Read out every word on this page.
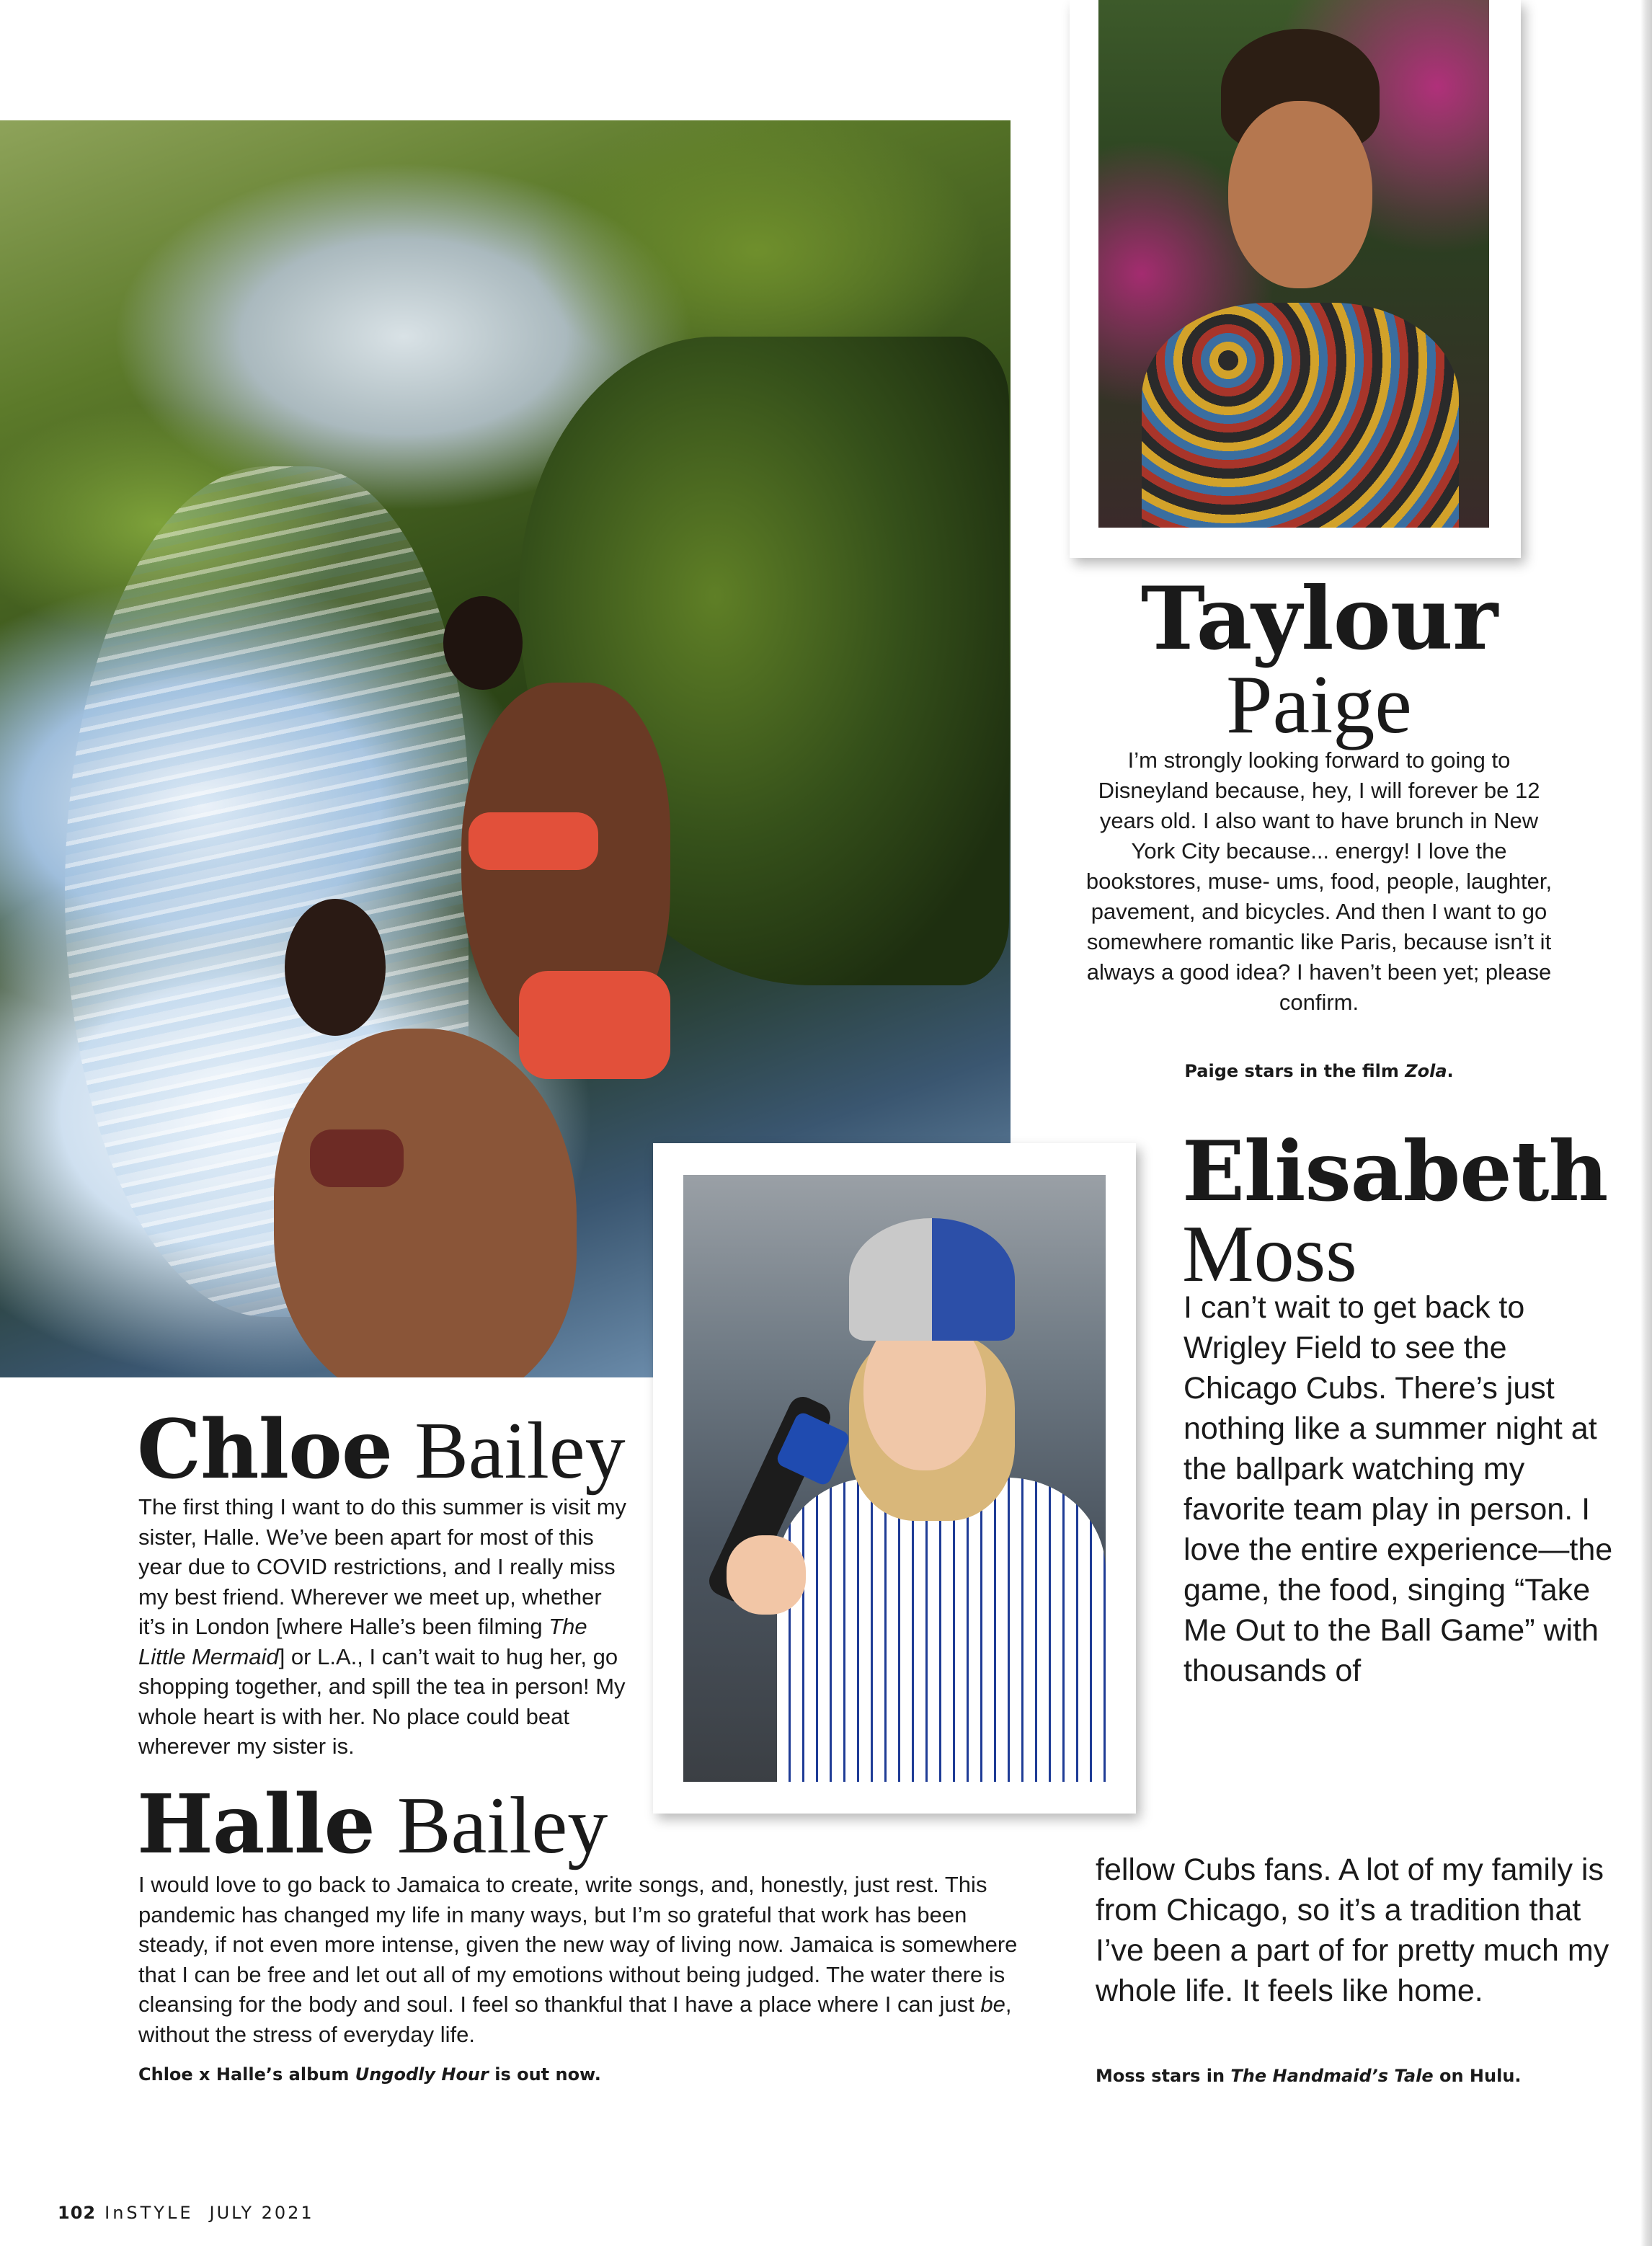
Taylour
Paige
I’m strongly looking forward to going to Disneyland because, hey, I will forever be 12 years old. I also want to have brunch in New York City because... energy! I love the bookstores, muse- ums, food, people, laughter, pavement, and bicycles. And then I want to go somewhere romantic like Paris, because isn’t it always a good idea? I haven’t been yet; please confirm.
Paige stars in the film Zola.
Elisabeth
Moss
I can’t wait to get back to Wrigley Field to see the Chicago Cubs. There’s just nothing like a summer night at the ballpark watching my favorite team play in person. I love the entire experience—the game, the food, singing “Take Me Out to the Ball Game” with thousands of
fellow Cubs fans. A lot of my family is from Chicago, so it’s a tradition that I’ve been a part of for pretty much my whole life. It feels like home.
Moss stars in The Handmaid’s Tale on Hulu.
Chloe Bailey
The first thing I want to do this summer is visit my sister, Halle. We’ve been apart for most of this year due to COVID restrictions, and I really miss my best friend. Wherever we meet up, whether it’s in London [where Halle’s been filming The Little Mermaid] or L.A., I can’t wait to hug her, go shopping together, and spill the tea in person! My whole heart is with her. No place could beat wherever my sister is.
Halle Bailey
I would love to go back to Jamaica to create, write songs, and, honestly, just rest. This pandemic has changed my life in many ways, but I’m so grateful that work has been steady, if not even more intense, given the new way of living now. Jamaica is somewhere that I can be free and let out all of my emotions without being judged. The water there is cleansing for the body and soul. I feel so thankful that I have a place where I can just be, without the stress of everyday life.
Chloe x Halle’s album Ungodly Hour is out now.
102 InSTYLE JULY 2021
